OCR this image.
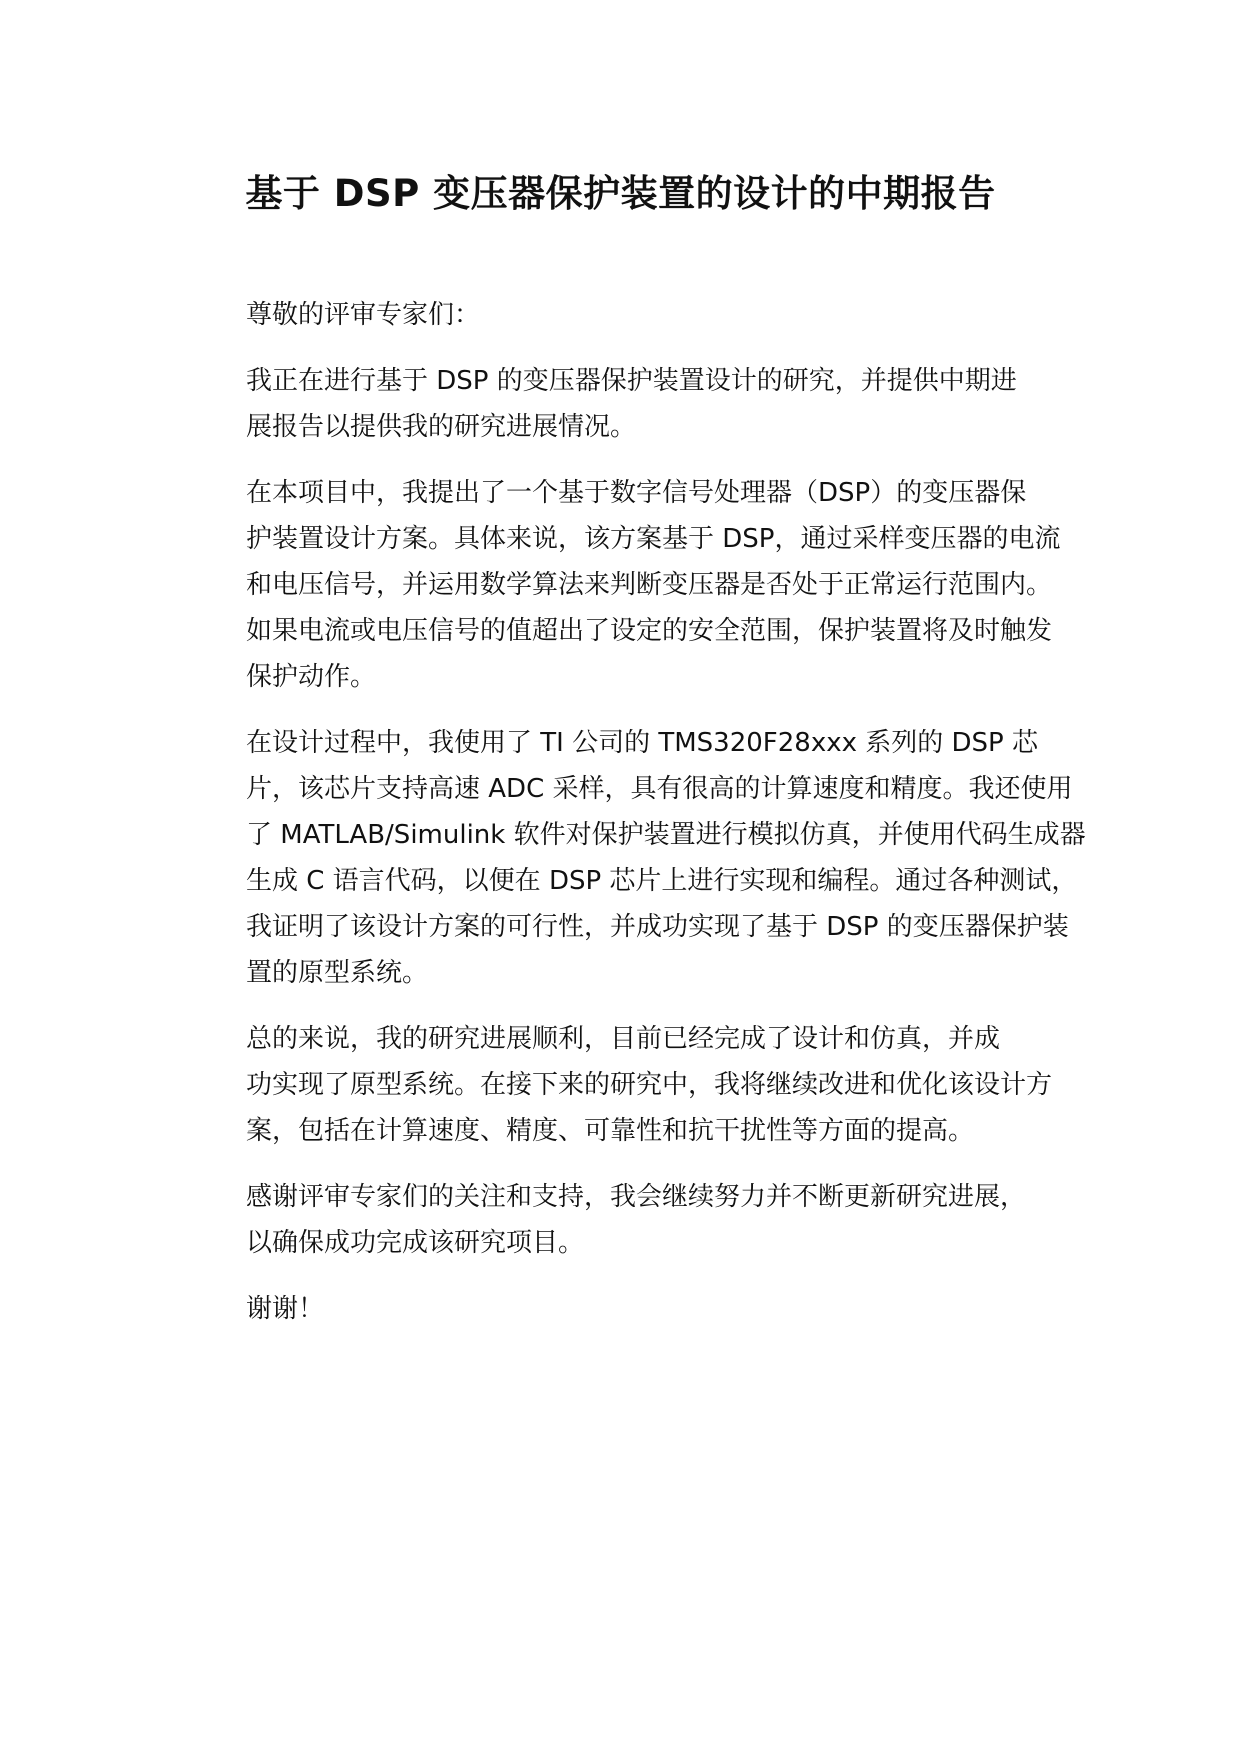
基于 DSP 变压器保护装置的设计的中期报告

尊敬的评审专家们：

我正在进行基于 DSP 的变压器保护装置设计的研究，并提供中期进
展报告以提供我的研究进展情况。

在本项目中，我提出了一个基于数字信号处理器（DSP）的变压器保
护装置设计方案。具体来说，该方案基于 DSP，通过采样变压器的电流
和电压信号，并运用数学算法来判断变压器是否处于正常运行范围内。
如果电流或电压信号的值超出了设定的安全范围，保护装置将及时触发
保护动作。

在设计过程中，我使用了 TI 公司的 TMS320F28xxx 系列的 DSP 芯
片，该芯片支持高速 ADC 采样，具有很高的计算速度和精度。我还使用
了 MATLAB/Simulink 软件对保护装置进行模拟仿真，并使用代码生成器
生成 C 语言代码，以便在 DSP 芯片上进行实现和编程。通过各种测试，
我证明了该设计方案的可行性，并成功实现了基于 DSP 的变压器保护装
置的原型系统。

总的来说，我的研究进展顺利，目前已经完成了设计和仿真，并成
功实现了原型系统。在接下来的研究中，我将继续改进和优化该设计方
案，包括在计算速度、精度、可靠性和抗干扰性等方面的提高。

感谢评审专家们的关注和支持，我会继续努力并不断更新研究进展，
以确保成功完成该研究项目。

谢谢！
